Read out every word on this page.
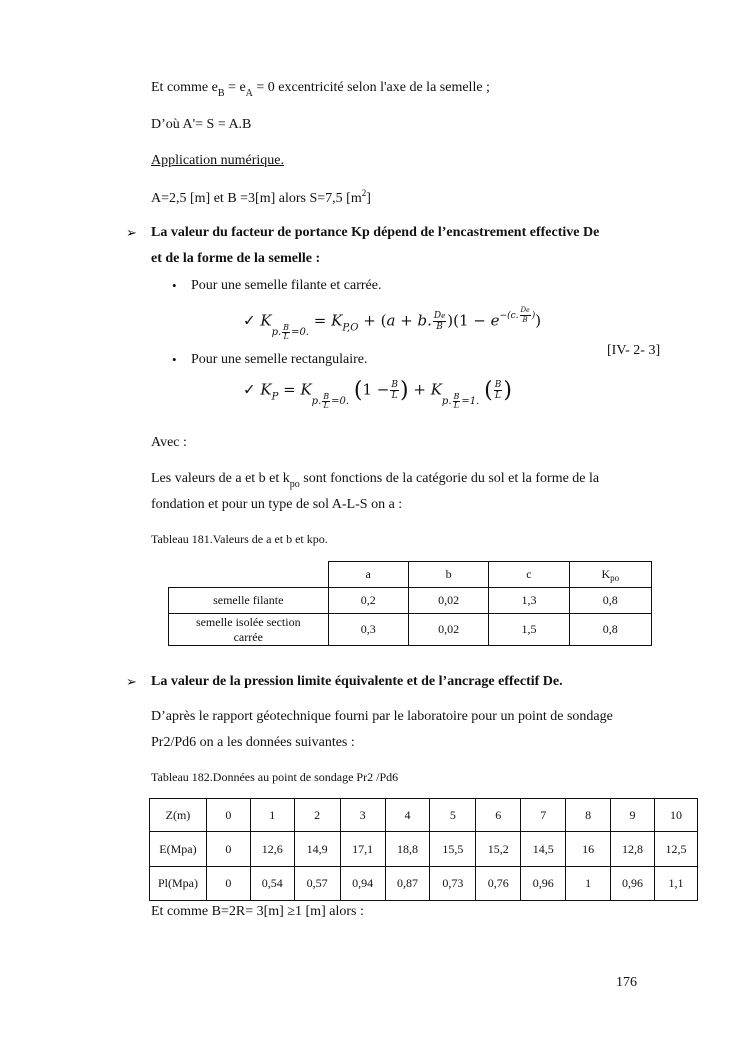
Et comme $e_B = e_A = 0$ excentricité selon l'axe de la semelle ;
D’où A'= S = A.B
Application numérique.
A=2,5 [m] et B =3[m] alors S=7,5 $[m^2]$
➢ La valeur du facteur de portance Kp dépend de l’encastrement effective De
et de la forme de la semelle :
• Pour une semelle filante et carrée.
✓ $K_{p. \frac{B}{L} =0.} = K_{P,O} + (a + b$. $\frac{De}{B} )(1 - e^{-(c. \frac{De}{B} )})$
[IV- 2- 3]
• Pour une semelle rectangulaire.
✓ $K_P = K_{p. \frac{B}{L} =0.}$ ($1 - \frac{B}{L}$ ) + $K_{p. \frac{B}{L} =1.}$ ( $\frac{B}{L}$ )
Avec :
Les valeurs de a et b et $k_{po}$ sont fonctions de la catégorie du sol et la forme de la
fondation et pour un type de sol A-L-S on a :
Tableau 181.Valeurs de a et b et kpo.
	a	b	c	$K_{po}$
semelle filante	0,2	0,02	1,3	0,8
semelle isolée section carrée	0,3	0,02	1,5	0,8
➢ La valeur de la pression limite équivalente et de l’ancrage effectif De.
D’après le rapport géotechnique fourni par le laboratoire pour un point de sondage
Pr2/Pd6 on a les données suivantes :
Tableau 182.Données au point de sondage Pr2 /Pd6
Z(m)	0	1	2	3	4	5	6	7	8	9	10
E(Mpa)	0	12,6	14,9	17,1	18,8	15,5	15,2	14,5	16	12,8	12,5
Pl(Mpa)	0	0,54	0,57	0,94	0,87	0,73	0,76	0,96	1	0,96	1,1
Et comme B=2R= 3[m] ≥1 [m] alors :
176
